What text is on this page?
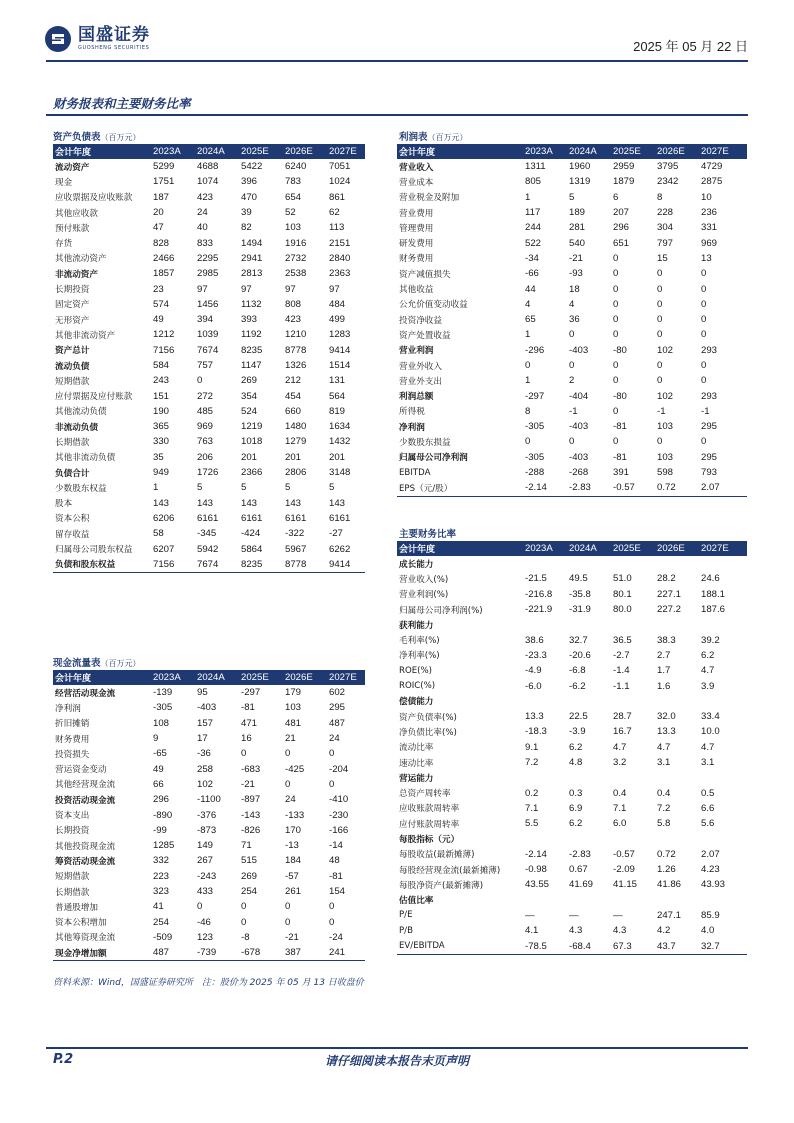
国盛证券
GUOSHENG SECURITIES	2025 年 05 月 22 日
财务报表和主要财务比率
资产负债表（百万元）
会计年度	2023A	2024A	2025E	2026E	2027E
流动资产	5299	4688	5422	6240	7051
现金	1751	1074	396	783	1024
应收票据及应收账款	187	423	470	654	861
其他应收款	20	24	39	52	62
预付账款	47	40	82	103	113
存货	828	833	1494	1916	2151
其他流动资产	2466	2295	2941	2732	2840
非流动资产	1857	2985	2813	2538	2363
长期投资	23	97	97	97	97
固定资产	574	1456	1132	808	484
无形资产	49	394	393	423	499
其他非流动资产	1212	1039	1192	1210	1283
资产总计	7156	7674	8235	8778	9414
流动负债	584	757	1147	1326	1514
短期借款	243	0	269	212	131
应付票据及应付账款	151	272	354	454	564
其他流动负债	190	485	524	660	819
非流动负债	365	969	1219	1480	1634
长期借款	330	763	1018	1279	1432
其他非流动负债	35	206	201	201	201
负债合计	949	1726	2366	2806	3148
少数股东权益	1	5	5	5	5
股本	143	143	143	143	143
资本公积	6206	6161	6161	6161	6161
留存收益	58	-345	-424	-322	-27
归属母公司股东权益	6207	5942	5864	5967	6262
负债和股东权益	7156	7674	8235	8778	9414
现金流量表（百万元）
会计年度	2023A	2024A	2025E	2026E	2027E
经营活动现金流	-139	95	-297	179	602
净利润	-305	-403	-81	103	295
折旧摊销	108	157	471	481	487
财务费用	9	17	16	21	24
投资损失	-65	-36	0	0	0
营运资金变动	49	258	-683	-425	-204
其他经营现金流	66	102	-21	0	0
投资活动现金流	296	-1100	-897	24	-410
资本支出	-890	-376	-143	-133	-230
长期投资	-99	-873	-826	170	-166
其他投资现金流	1285	149	71	-13	-14
筹资活动现金流	332	267	515	184	48
短期借款	223	-243	269	-57	-81
长期借款	323	433	254	261	154
普通股增加	41	0	0	0	0
资本公积增加	254	-46	0	0	0
其他筹资现金流	-509	123	-8	-21	-24
现金净增加额	487	-739	-678	387	241
利润表（百万元）
会计年度	2023A	2024A	2025E	2026E	2027E
营业收入	1311	1960	2959	3795	4729
营业成本	805	1319	1879	2342	2875
营业税金及附加	1	5	6	8	10
营业费用	117	189	207	228	236
管理费用	244	281	296	304	331
研发费用	522	540	651	797	969
财务费用	-34	-21	0	15	13
资产减值损失	-66	-93	0	0	0
其他收益	44	18	0	0	0
公允价值变动收益	4	4	0	0	0
投资净收益	65	36	0	0	0
资产处置收益	1	0	0	0	0
营业利润	-296	-403	-80	102	293
营业外收入	0	0	0	0	0
营业外支出	1	2	0	0	0
利润总额	-297	-404	-80	102	293
所得税	8	-1	0	-1	-1
净利润	-305	-403	-81	103	295
少数股东损益	0	0	0	0	0
归属母公司净利润	-305	-403	-81	103	295
EBITDA	-288	-268	391	598	793
EPS（元/股）	-2.14	-2.83	-0.57	0.72	2.07
主要财务比率
会计年度	2023A	2024A	2025E	2026E	2027E
成长能力					
营业收入(%)	-21.5	49.5	51.0	28.2	24.6
营业利润(%)	-216.8	-35.8	80.1	227.1	188.1
归属母公司净利润(%)	-221.9	-31.9	80.0	227.2	187.6
获利能力					
毛利率(%)	38.6	32.7	36.5	38.3	39.2
净利率(%)	-23.3	-20.6	-2.7	2.7	6.2
ROE(%)	-4.9	-6.8	-1.4	1.7	4.7
ROIC(%)	-6.0	-6.2	-1.1	1.6	3.9
偿债能力					
资产负债率(%)	13.3	22.5	28.7	32.0	33.4
净负债比率(%)	-18.3	-3.9	16.7	13.3	10.0
流动比率	9.1	6.2	4.7	4.7	4.7
速动比率	7.2	4.8	3.2	3.1	3.1
营运能力					
总资产周转率	0.2	0.3	0.4	0.4	0.5
应收账款周转率	7.1	6.9	7.1	7.2	6.6
应付账款周转率	5.5	6.2	6.0	5.8	5.6
每股指标（元）					
每股收益(最新摊薄)	-2.14	-2.83	-0.57	0.72	2.07
每股经营现金流(最新摊薄)	-0.98	0.67	-2.09	1.26	4.23
每股净资产(最新摊薄)	43.55	41.69	41.15	41.86	43.93
估值比率					
P/E	—	—	—	247.1	85.9
P/B	4.1	4.3	4.3	4.2	4.0
EV/EBITDA	-78.5	-68.4	67.3	43.7	32.7
资料来源：Wind，国盛证券研究所　注：股价为 2025 年 05 月 13 日收盘价
P.2	请仔细阅读本报告末页声明
